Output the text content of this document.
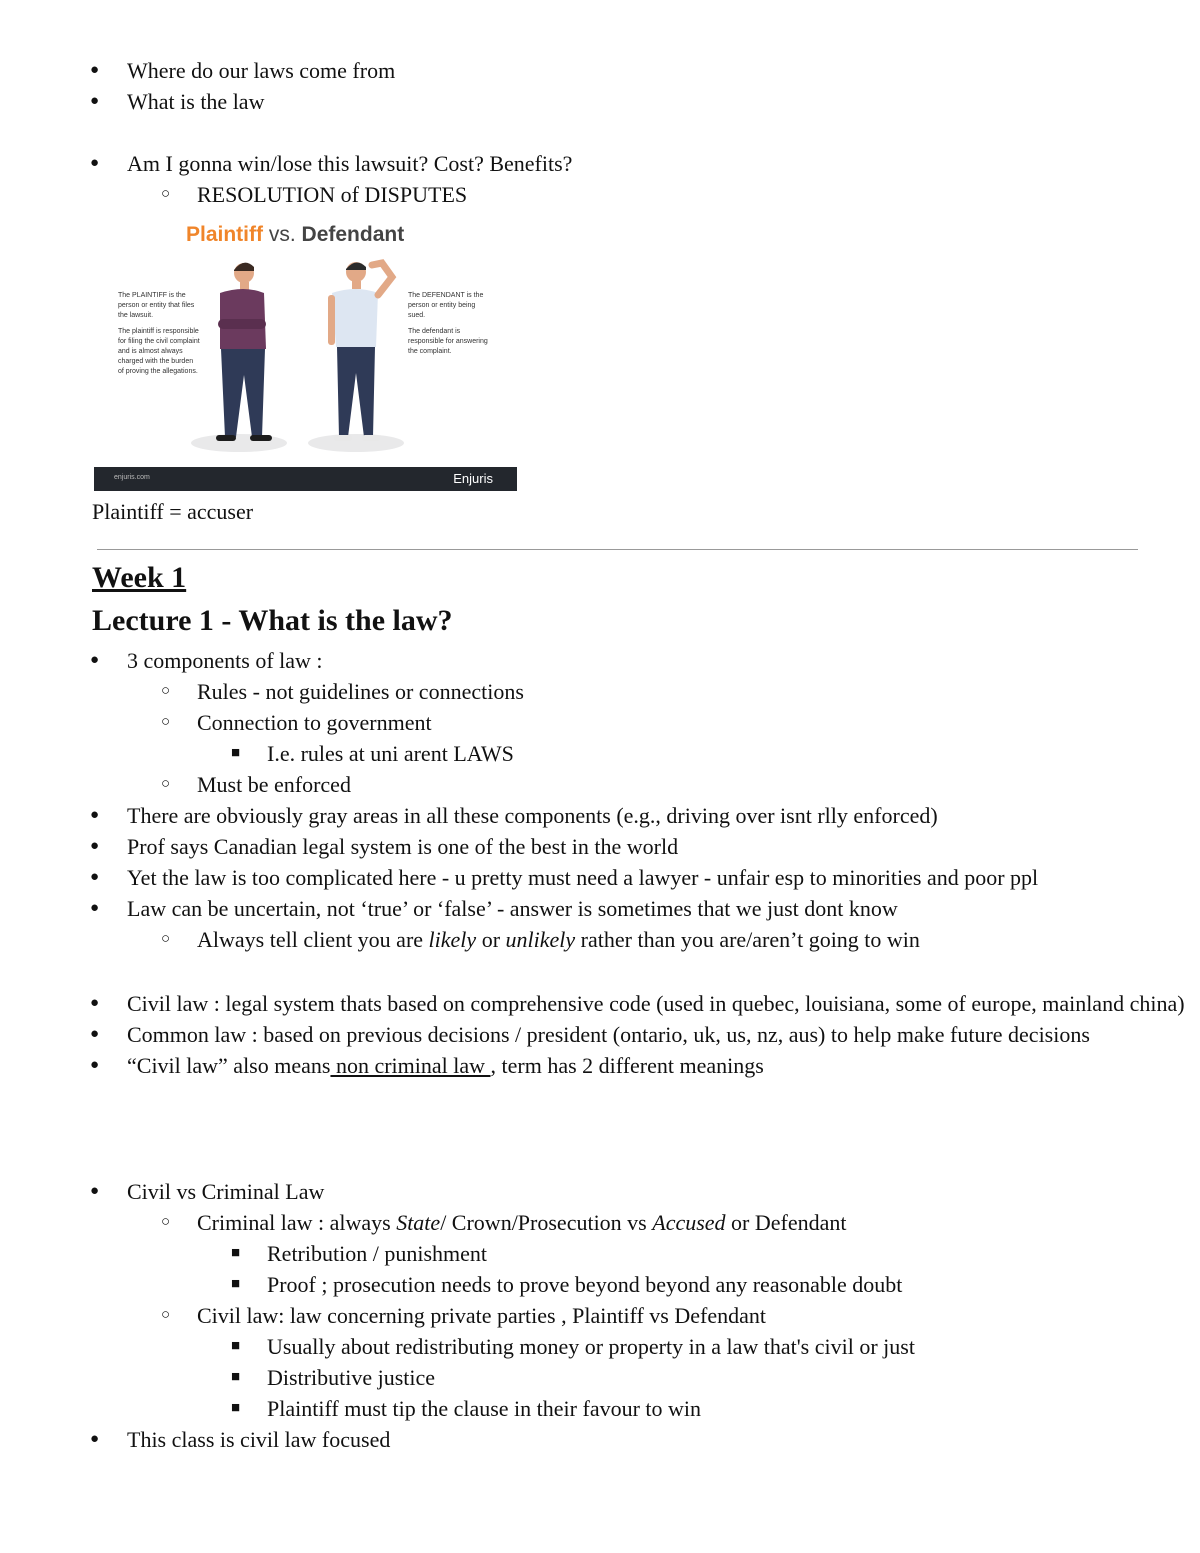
● Where do our laws come from
● What is the law
● Am I gonna win/lose this lawsuit? Cost? Benefits?
○ RESOLUTION of DISPUTES
Plaintiff vs. Defendant
The PLAINTIFF is the person or entity that files the lawsuit.
The plaintiff is responsible for filing the civil complaint and is almost always charged with the burden of proving the allegations.
The DEFENDANT is the person or entity being sued.
The defendant is responsible for answering the complaint.
enjuris.com	Enjuris
Plaintiff = accuser
Week 1
Lecture 1 - What is the law?
● 3 components of law :
○ Rules - not guidelines or connections
○ Connection to government
■ I.e. rules at uni arent LAWS
○ Must be enforced
● There are obviously gray areas in all these components (e.g., driving over isnt rlly enforced)
● Prof says Canadian legal system is one of the best in the world
● Yet the law is too complicated here - u pretty must need a lawyer - unfair esp to minorities and poor ppl
● Law can be uncertain, not ‘true’ or ‘false’ - answer is sometimes that we just dont know
○ Always tell client you are likely or unlikely rather than you are/aren’t going to win
● Civil law : legal system thats based on comprehensive code (used in quebec, louisiana, some of europe, mainland china)
● Common law : based on previous decisions / president (ontario, uk, us, nz, aus) to help make future decisions
● “Civil law” also means non criminal law , term has 2 different meanings
● Civil vs Criminal Law
○ Criminal law : always State/ Crown/Prosecution vs Accused or Defendant
■ Retribution / punishment
■ Proof ; prosecution needs to prove beyond beyond any reasonable doubt
○ Civil law: law concerning private parties , Plaintiff vs Defendant
■ Usually about redistributing money or property in a law that's civil or just
■ Distributive justice
■ Plaintiff must tip the clause in their favour to win
● This class is civil law focused
